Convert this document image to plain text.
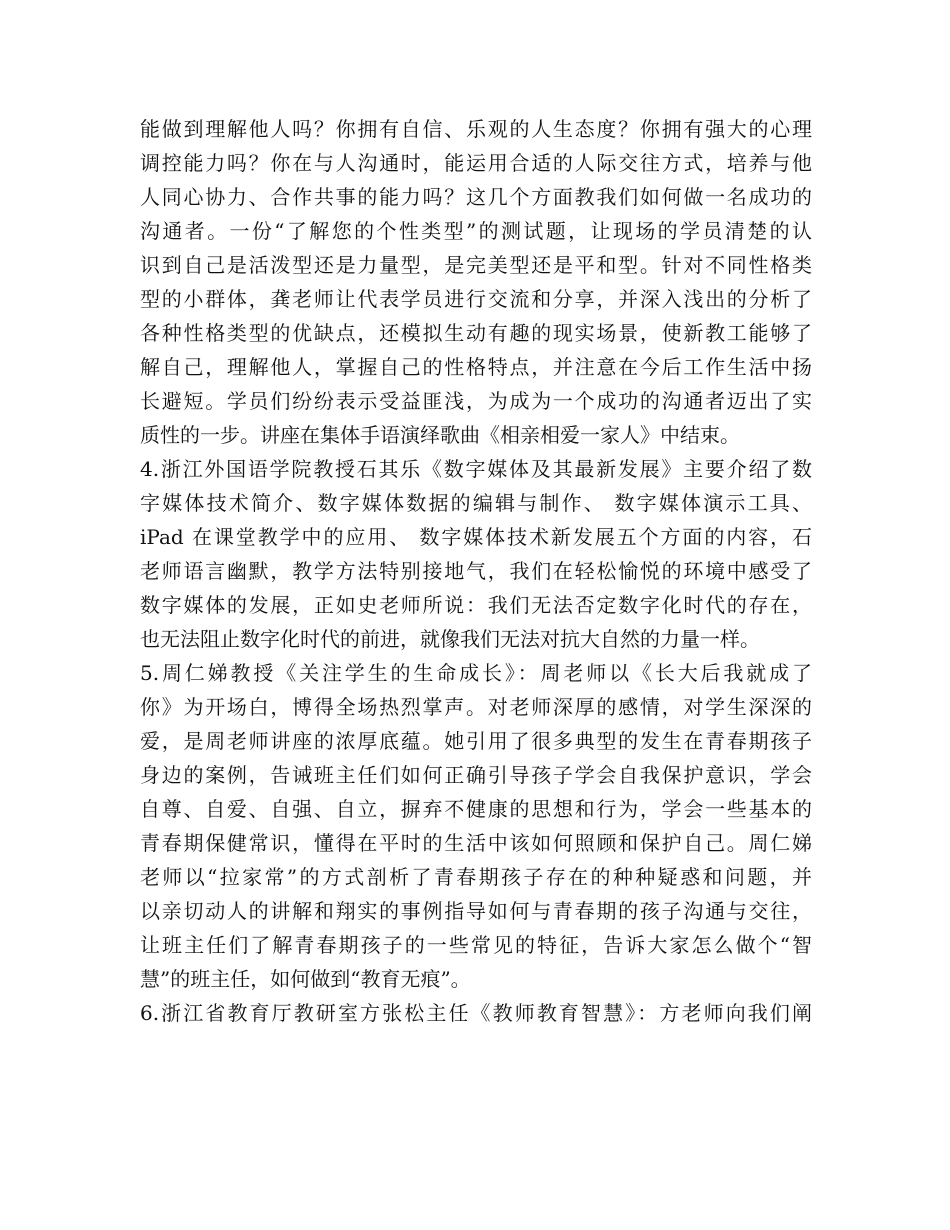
能做到理解他人吗？你拥有自信、乐观的人生态度？你拥有强大的心理
调控能力吗？你在与人沟通时，能运用合适的人际交往方式，培养与他
人同心协力、合作共事的能力吗？这几个方面教我们如何做一名成功的
沟通者。一份“了解您的个性类型”的测试题，让现场的学员清楚的认
识到自己是活泼型还是力量型，是完美型还是平和型。针对不同性格类
型的小群体，龚老师让代表学员进行交流和分享，并深入浅出的分析了
各种性格类型的优缺点，还模拟生动有趣的现实场景，使新教工能够了
解自己，理解他人，掌握自己的性格特点，并注意在今后工作生活中扬
长避短。学员们纷纷表示受益匪浅，为成为一个成功的沟通者迈出了实
质性的一步。讲座在集体手语演绎歌曲《相亲相爱一家人》中结束。
4.浙江外国语学院教授石其乐《数字媒体及其最新发展》主要介绍了数
字媒体技术简介、数字媒体数据的编辑与制作、 数字媒体演示工具、
iPad 在课堂教学中的应用、 数字媒体技术新发展五个方面的内容，石
老师语言幽默，教学方法特别接地气，我们在轻松愉悦的环境中感受了
数字媒体的发展，正如史老师所说：我们无法否定数字化时代的存在，
也无法阻止数字化时代的前进，就像我们无法对抗大自然的力量一样。
5.周仁娣教授《关注学生的生命成长》：周老师以《长大后我就成了
你》为开场白，博得全场热烈掌声。对老师深厚的感情，对学生深深的
爱，是周老师讲座的浓厚底蕴。她引用了很多典型的发生在青春期孩子
身边的案例，告诫班主任们如何正确引导孩子学会自我保护意识，学会
自尊、自爱、自强、自立，摒弃不健康的思想和行为，学会一些基本的
青春期保健常识，懂得在平时的生活中该如何照顾和保护自己。周仁娣
老师以“拉家常”的方式剖析了青春期孩子存在的种种疑惑和问题，并
以亲切动人的讲解和翔实的事例指导如何与青春期的孩子沟通与交往，
让班主任们了解青春期孩子的一些常见的特征，告诉大家怎么做个“智
慧”的班主任，如何做到“教育无痕”。
6.浙江省教育厅教研室方张松主任《教师教育智慧》：方老师向我们阐
